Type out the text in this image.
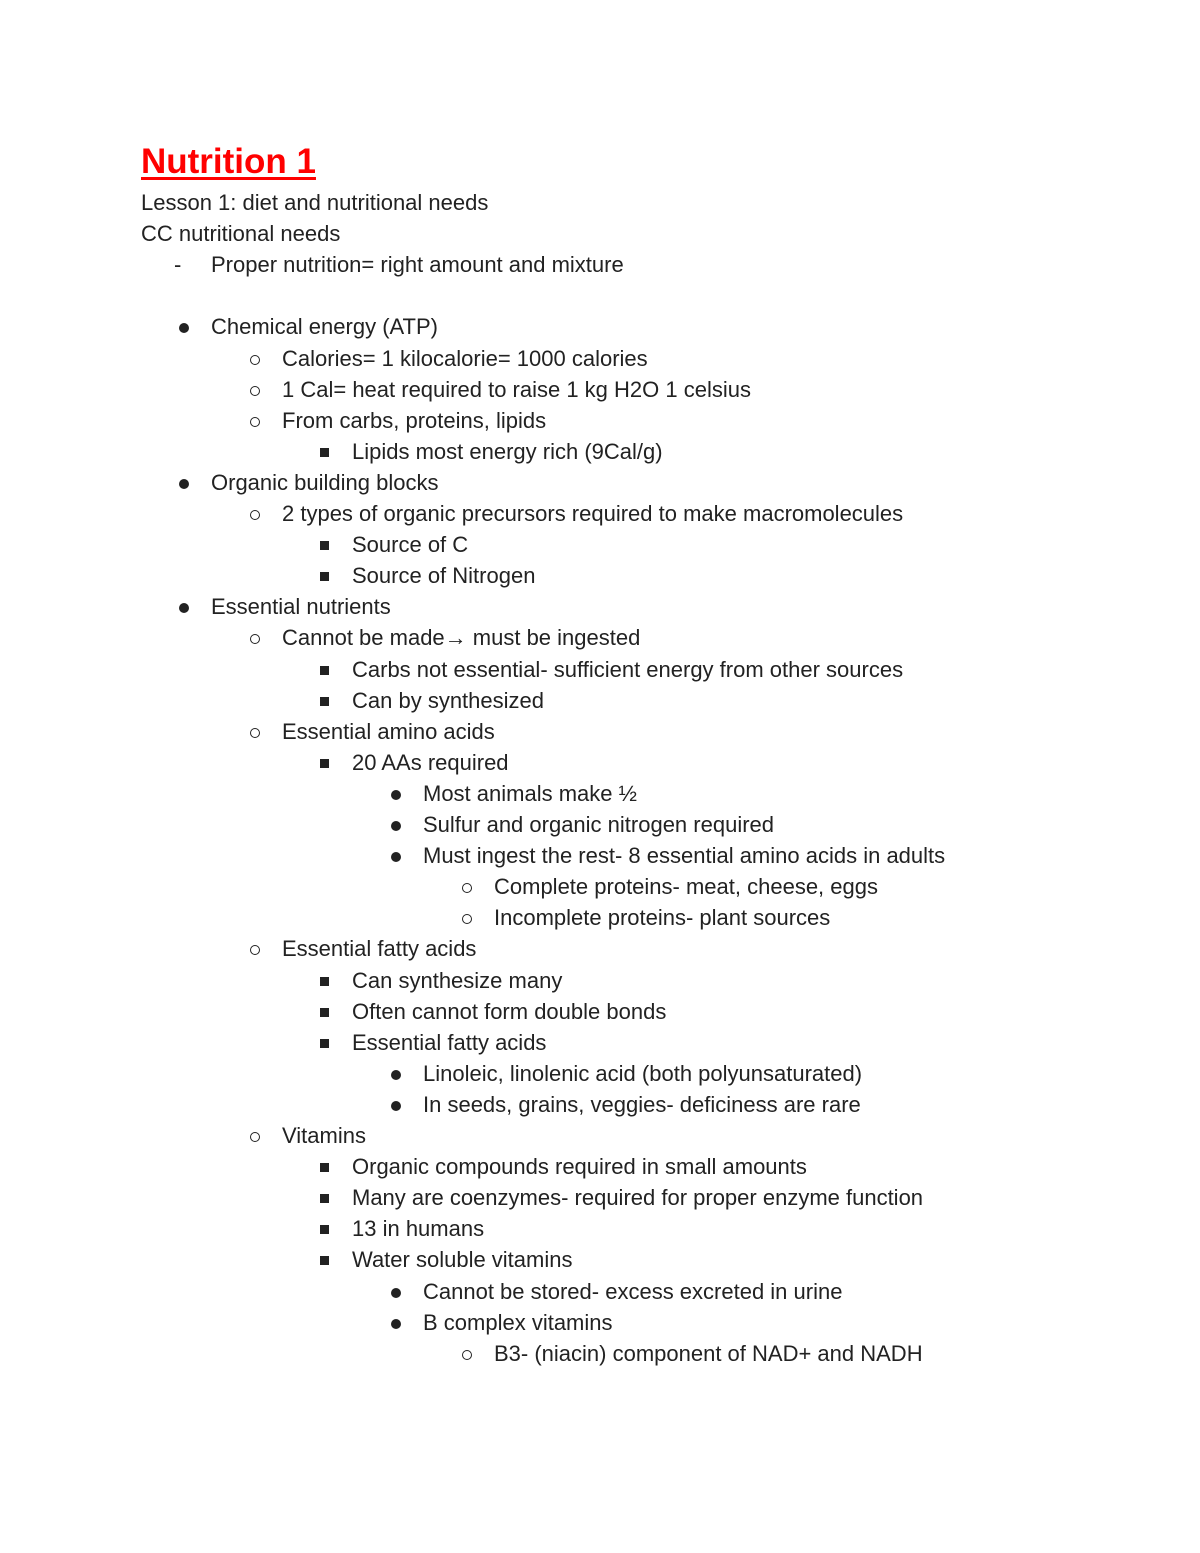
Nutrition 1
Lesson 1: diet and nutritional needs
CC nutritional needs
-
Proper nutrition= right amount and mixture
Chemical energy (ATP)
Calories= 1 kilocalorie= 1000 calories
1 Cal= heat required to raise 1 kg H2O 1 celsius
From carbs, proteins, lipids
Lipids most energy rich (9Cal/g)
Organic building blocks
2 types of organic precursors required to make macromolecules
Source of C
Source of Nitrogen
Essential nutrients
Cannot be made→ must be ingested
Carbs not essential- sufficient energy from other sources
Can by synthesized
Essential amino acids
20 AAs required
Most animals make ½
Sulfur and organic nitrogen required
Must ingest the rest- 8 essential amino acids in adults
Complete proteins- meat, cheese, eggs
Incomplete proteins- plant sources
Essential fatty acids
Can synthesize many
Often cannot form double bonds
Essential fatty acids
Linoleic, linolenic acid (both polyunsaturated)
In seeds, grains, veggies- deficiness are rare
Vitamins
Organic compounds required in small amounts
Many are coenzymes- required for proper enzyme function
13 in humans
Water soluble vitamins
Cannot be stored- excess excreted in urine
B complex vitamins
B3- (niacin) component of NAD+ and NADH
